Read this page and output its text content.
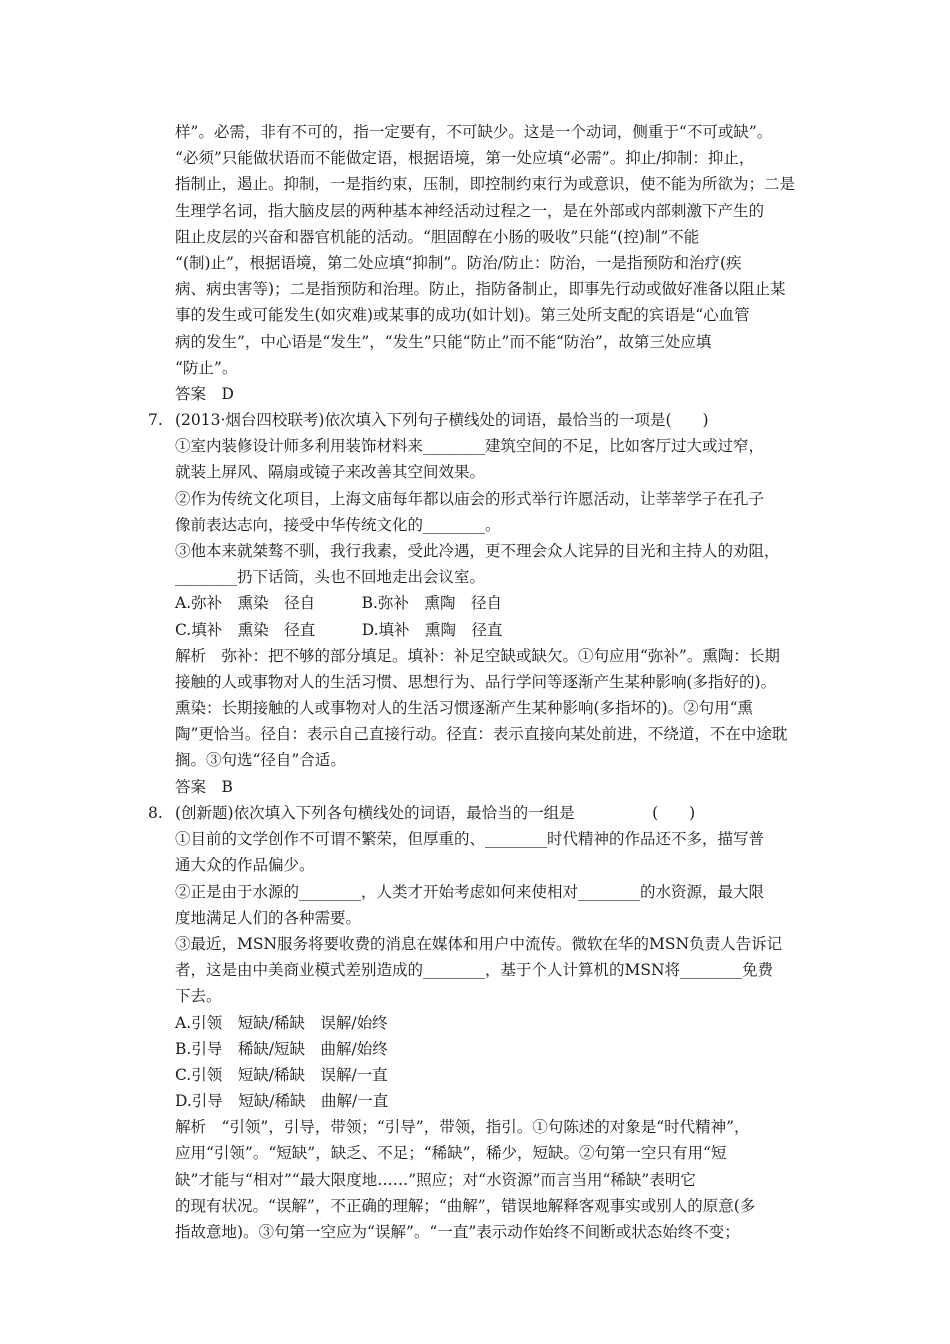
样”。必需，非有不可的，指一定要有，不可缺少。这是一个动词，侧重于“不可或缺”。
“必须”只能做状语而不能做定语，根据语境，第一处应填“必需”。抑止/抑制：抑止，
指制止，遏止。抑制，一是指约束，压制，即控制约束行为或意识，使不能为所欲为；二是
生理学名词，指大脑皮层的两种基本神经活动过程之一，是在外部或内部刺激下产生的
阻止皮层的兴奋和器官机能的活动。“胆固醇在小肠的吸收”只能“(控)制”不能
“(制)止”，根据语境，第二处应填“抑制”。防治/防止：防治，一是指预防和治疗(疾
病、病虫害等)；二是指预防和治理。防止，指防备制止，即事先行动或做好准备以阻止某
事的发生或可能发生(如灾难)或某事的成功(如计划)。第三处所支配的宾语是“心血管
病的发生”，中心语是“发生”，“发生”只能“防止”而不能“防治”，故第三处应填
“防止”。
答案　D
7. (2013·烟台四校联考)依次填入下列句子横线处的词语，最恰当的一项是(　　)
①室内装修设计师多利用装饰材料来________建筑空间的不足，比如客厅过大或过窄，
就装上屏风、隔扇或镜子来改善其空间效果。
②作为传统文化项目，上海文庙每年都以庙会的形式举行许愿活动，让莘莘学子在孔子
像前表达志向，接受中华传统文化的________。
③他本来就桀骜不驯，我行我素，受此冷遇，更不理会众人诧异的目光和主持人的劝阻，
________扔下话筒，头也不回地走出会议室。
A.弥补　熏染　径自　　　B.弥补　熏陶　径自
C.填补　熏染　径直　　　D.填补　熏陶　径直
解析　弥补：把不够的部分填足。填补：补足空缺或缺欠。①句应用“弥补”。熏陶：长期
接触的人或事物对人的生活习惯、思想行为、品行学问等逐渐产生某种影响(多指好的)。
熏染：长期接触的人或事物对人的生活习惯逐渐产生某种影响(多指坏的)。②句用“熏
陶”更恰当。径自：表示自己直接行动。径直：表示直接向某处前进，不绕道，不在中途耽
搁。③句选“径自”合适。
答案　B
8. (创新题)依次填入下列各句横线处的词语，最恰当的一组是　　　　　(　　)
①目前的文学创作不可谓不繁荣，但厚重的、________时代精神的作品还不多，描写普
通大众的作品偏少。
②正是由于水源的________，人类才开始考虑如何来使相对________的水资源，最大限
度地满足人们的各种需要。
③最近，MSN服务将要收费的消息在媒体和用户中流传。微软在华的MSN负责人告诉记
者，这是由中美商业模式差别造成的________，基于个人计算机的MSN将________免费
下去。
A.引领　短缺/稀缺　误解/始终
B.引导　稀缺/短缺　曲解/始终
C.引领　短缺/稀缺　误解/一直
D.引导　短缺/稀缺　曲解/一直
解析　“引领”，引导，带领；“引导”，带领，指引。①句陈述的对象是“时代精神”，
应用“引领”。“短缺”，缺乏、不足；“稀缺”，稀少，短缺。②句第一空只有用“短
缺”才能与“相对”“最大限度地……”照应；对“水资源”而言当用“稀缺”表明它
的现有状况。“误解”，不正确的理解；“曲解”，错误地解释客观事实或别人的原意(多
指故意地)。③句第一空应为“误解”。“一直”表示动作始终不间断或状态始终不变；
